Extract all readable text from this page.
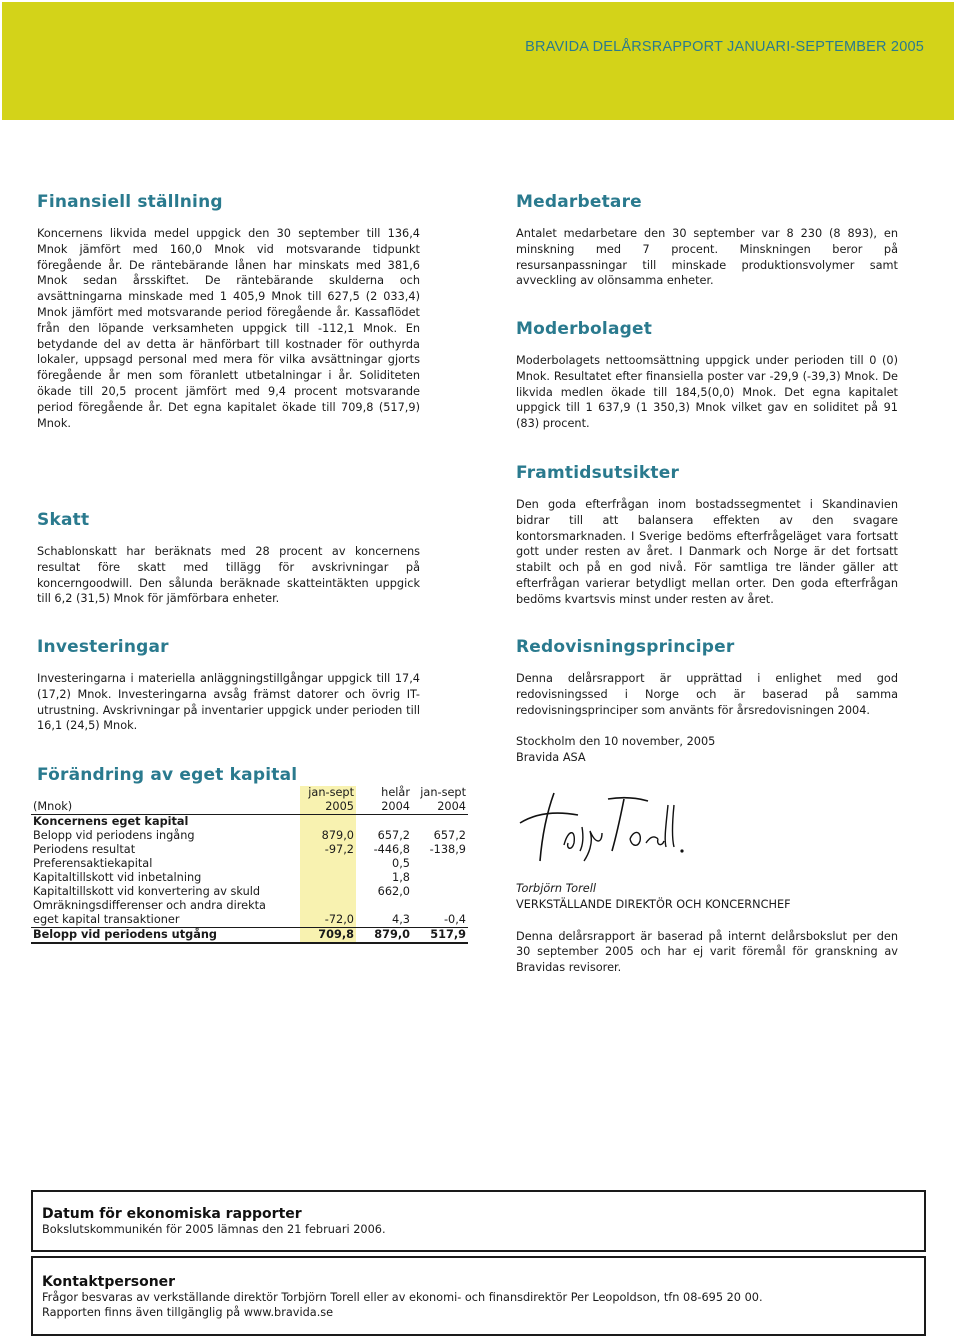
BRAVIDA DELÅRSRAPPORT JANUARI-SEPTEMBER 2005
Finansiell ställning

Koncernens likvida medel uppgick den 30 september till 136,4 Mnok jämfört med 160,0 Mnok vid motsvarande tidpunkt föregående år. De räntebärande lånen har minskats med 381,6 Mnok sedan årsskiftet. De räntebärande skulderna och avsättningarna minskade med 1 405,9 Mnok till 627,5 (2 033,4) Mnok jämfört med motsvarande period föregående år. Kassaflödet från den löpande verksamheten uppgick till -112,1 Mnok. En betydande del av detta är hänförbart till kostnader för outhyrda lokaler, uppsagd personal med mera för vilka avsättningar gjorts föregående år men som föranlett utbetalningar i år. Soliditeten ökade till 20,5 procent jämfört med 9,4 procent motsvarande period föregående år. Det egna kapitalet ökade till 709,8 (517,9) Mnok.

Skatt

Schablonskatt har beräknats med 28 procent av koncernens resultat före skatt med tillägg för avskrivningar på koncerngoodwill. Den sålunda beräknade skatteintäkten uppgick till 6,2 (31,5) Mnok för jämförbara enheter.

Investeringar

Investeringarna i materiella anläggningstillgångar uppgick till 17,4 (17,2) Mnok. Investeringarna avsåg främst datorer och övrig IT-utrustning. Avskrivningar på inventarier uppgick under perioden till 16,1 (24,5) Mnok.

Förändring av eget kapital
	jan-sept	helår	jan-sept
(Mnok)	2005	2004	2004
Koncernens eget kapital			
Belopp vid periodens ingång	879,0	657,2	657,2
Periodens resultat	-97,2	-446,8	-138,9
Preferensaktiekapital		0,5	
Kapitaltillskott vid inbetalning		1,8	
Kapitaltillskott vid konvertering av skuld		662,0	
Omräkningsdifferenser och andra direkta			
eget kapital transaktioner	-72,0	4,3	-0,4
Belopp vid periodens utgång	709,8	879,0	517,9
Medarbetare

Antalet medarbetare den 30 september var 8 230 (8 893), en minskning med 7 procent. Minskningen beror på resursanpassningar till minskade produktionsvolymer samt avveckling av olönsamma enheter.

Moderbolaget

Moderbolagets nettoomsättning uppgick under perioden till 0 (0) Mnok. Resultatet efter finansiella poster var -29,9 (-39,3) Mnok. De likvida medlen ökade till 184,5(0,0) Mnok. Det egna kapitalet uppgick till 1 637,9 (1 350,3) Mnok vilket gav en soliditet på 91 (83) procent.

Framtidsutsikter

Den goda efterfrågan inom bostadssegmentet i Skandinavien bidrar till att balansera effekten av den svagare kontorsmarknaden. I Sverige bedöms efterfrågeläget vara fortsatt gott under resten av året. I Danmark och Norge är det fortsatt stabilt och på en god nivå. För samtliga tre länder gäller att efterfrågan varierar betydligt mellan orter. Den goda efterfrågan bedöms kvartsvis minst under resten av året.

Redovisningsprinciper

Denna delårsrapport är upprättad i enlighet med god redovisningssed i Norge och är baserad på samma redovisningsprinciper som använts för årsredovisningen 2004.

Stockholm den 10 november, 2005

Bravida ASA

Torbjörn Torell

VERKSTÄLLANDE DIREKTÖR OCH KONCERNCHEF

Denna delårsrapport är baserad på internt delårsbokslut per den 30 september 2005 och har ej varit föremål för granskning av Bravidas revisorer.

Datum för ekonomiska rapporter

Bokslutskommunikén för 2005 lämnas den 21 februari 2006.

Kontaktpersoner

Frågor besvaras av verkställande direktör Torbjörn Torell eller av ekonomi- och finansdirektör Per Leopoldson, tfn 08-695 20 00.

Rapporten finns även tillgänglig på www.bravida.se
